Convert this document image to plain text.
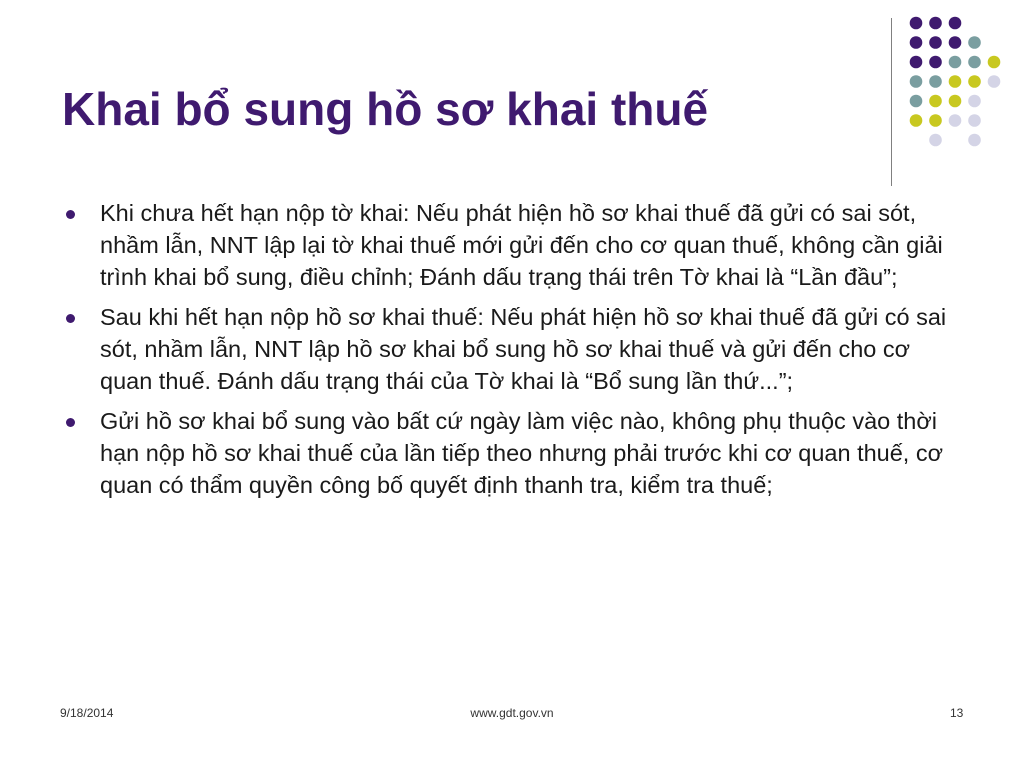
Khai bổ sung hồ sơ khai thuế
Khi chưa hết hạn nộp tờ khai: Nếu phát hiện hồ sơ khai thuế đã gửi có sai sót, nhầm lẫn, NNT lập lại tờ khai thuế mới gửi đến cho cơ quan thuế, không cần giải trình khai bổ sung, điều chỉnh; Đánh dấu trạng thái trên Tờ khai là “Lần đầu”;
Sau khi hết hạn nộp hồ sơ khai thuế: Nếu phát hiện hồ sơ khai thuế đã gửi có sai sót, nhầm lẫn, NNT lập hồ sơ khai bổ sung hồ sơ khai thuế và gửi đến cho cơ quan thuế. Đánh dấu trạng thái của Tờ khai là “Bổ sung lần thứ...”;
Gửi hồ sơ khai bổ sung vào bất cứ ngày làm việc nào, không phụ thuộc vào thời hạn nộp hồ sơ khai thuế của lần tiếp theo nhưng phải trước khi cơ quan thuế, cơ quan có thẩm quyền công bố quyết định thanh tra, kiểm tra thuế;
9/18/2014	www.gdt.gov.vn	13
